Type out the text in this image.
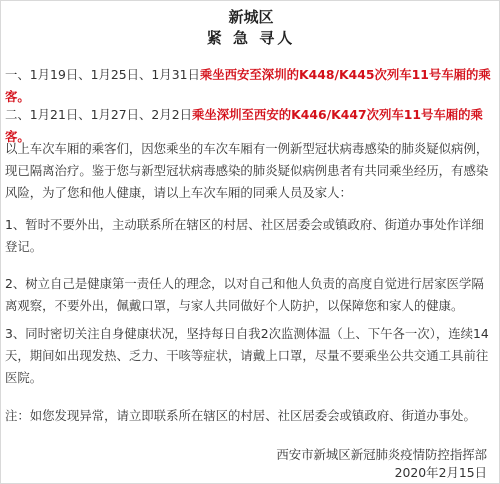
新城区
紧 急 寻人

一、1月19日、1月25日、1月31日乘坐西安至深圳的K448/K445次列车11号车厢的乘客。

二、1月21日、1月27日、2月2日乘坐深圳至西安的K446/K447次列车11号车厢的乘客。

以上车次车厢的乘客们，因您乘坐的车次车厢有一例新型冠状病毒感染的肺炎疑似病例，现已隔离治疗。鉴于您与新型冠状病毒感染的肺炎疑似病例患者有共同乘坐经历，有感染风险，为了您和他人健康，请以上车次车厢的同乘人员及家人：

1、暂时不要外出，主动联系所在辖区的村居、社区居委会或镇政府、街道办事处作详细登记。

2、树立自己是健康第一责任人的理念，以对自己和他人负责的高度自觉进行居家医学隔离观察，不要外出，佩戴口罩，与家人共同做好个人防护，以保障您和家人的健康。

3、同时密切关注自身健康状况，坚持每日自我2次监测体温（上、下午各一次），连续14天，期间如出现发热、乏力、干咳等症状，请戴上口罩，尽量不要乘坐公共交通工具前往医院。

注：如您发现异常，请立即联系所在辖区的村居、社区居委会或镇政府、街道办事处。

西安市新城区新冠肺炎疫情防控指挥部
2020年2月15日
